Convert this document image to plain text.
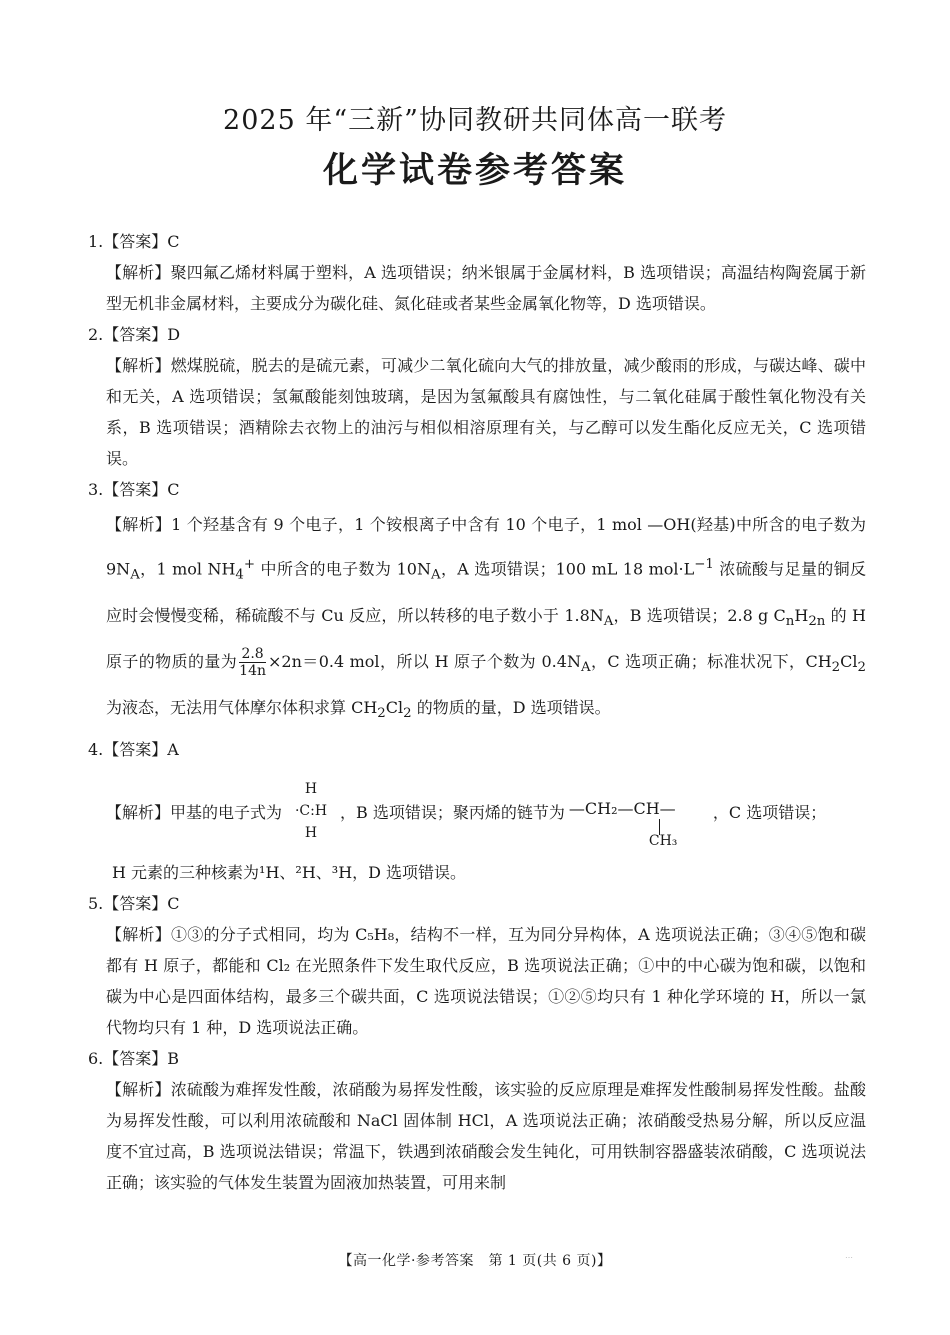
2025 年“三新”协同教研共同体高一联考
化学试卷参考答案
1.【答案】C
【解析】聚四氟乙烯材料属于塑料，A 选项错误；纳米银属于金属材料，B 选项错误；高温结构陶瓷属于新型无机非金属材料，主要成分为碳化硅、氮化硅或者某些金属氧化物等，D 选项错误。
2.【答案】D
【解析】燃煤脱硫，脱去的是硫元素，可减少二氧化硫向大气的排放量，减少酸雨的形成，与碳达峰、碳中和无关，A 选项错误；氢氟酸能刻蚀玻璃，是因为氢氟酸具有腐蚀性，与二氧化硅属于酸性氧化物没有关系，B 选项错误；酒精除去衣物上的油污与相似相溶原理有关，与乙醇可以发生酯化反应无关，C 选项错误。
3.【答案】C
【解析】1 个羟基含有 9 个电子，1 个铵根离子中含有 10 个电子，1 mol —OH(羟基)中所含的电子数为 $9N_A$，1 mol $NH_4^+$ 中所含的电子数为 $10N_A$，A 选项错误；100 mL 18 $mol\cdot L^{-1}$ 浓硫酸与足量的铜反应时会慢慢变稀，稀硫酸不与 Cu 反应，所以转移的电子数小于 $1.8N_A$，B 选项错误；2.8 g $C_nH_{2n}$ 的 H 原子的物质的量为 $\frac{2.8}{14n} \times 2n=0.4$ mol，所以 H 原子个数为 $0.4N_A$，C 选项正确；标准状况下，$CH_2Cl_2$ 为液态，无法用气体摩尔体积求算 $CH_2Cl_2$ 的物质的量，D 选项错误。
4.【答案】A
【解析】甲基的电子式为
H
·C:H
H
，B 选项错误；聚丙烯的链节为 —CH₂—CH—
CH₃
，C 选项错误；
H 元素的三种核素为¹H、²H、³H，D 选项错误。
5.【答案】C
【解析】①③的分子式相同，均为 C₅H₈，结构不一样，互为同分异构体，A 选项说法正确；③④⑤饱和碳都有 H 原子，都能和 Cl₂ 在光照条件下发生取代反应，B 选项说法正确；①中的中心碳为饱和碳，以饱和碳为中心是四面体结构，最多三个碳共面，C 选项说法错误；①②⑤均只有 1 种化学环境的 H，所以一氯代物均只有 1 种，D 选项说法正确。
6.【答案】B
【解析】浓硫酸为难挥发性酸，浓硝酸为易挥发性酸，该实验的反应原理是难挥发性酸制易挥发性酸。盐酸为易挥发性酸，可以利用浓硫酸和 NaCl 固体制 HCl，A 选项说法正确；浓硝酸受热易分解，所以反应温度不宜过高，B 选项说法错误；常温下，铁遇到浓硝酸会发生钝化，可用铁制容器盛装浓硝酸，C 选项说法正确；该实验的气体发生装置为固液加热装置，可用来制
【高一化学·参考答案　第 1 页(共 6 页)】	⋯
